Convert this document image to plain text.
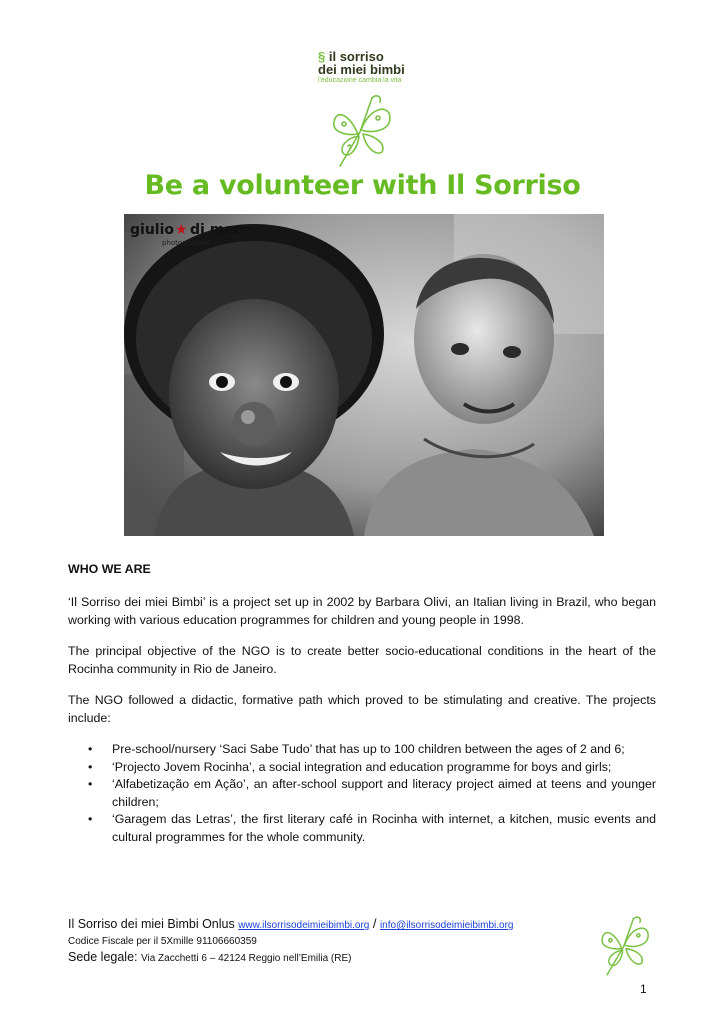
§ il sorriso
dei miei bimbi
l'educazione cambia la vita
Be a volunteer with Il Sorriso
giulio ★ di meo
photographer
WHO WE ARE
‘Il Sorriso dei miei Bimbi’ is a project set up in 2002 by Barbara Olivi, an Italian living in Brazil, who began working with various education programmes for children and young people in 1998.
The principal objective of the NGO is to create better socio-educational conditions in the heart of the Rocinha community in Rio de Janeiro.
The NGO followed a didactic, formative path which proved to be stimulating and creative. The projects include:
• Pre-school/nursery ‘Saci Sabe Tudo’ that has up to 100 children between the ages of 2 and 6;
• ‘Projecto Jovem Rocinha’, a social integration and education programme for boys and girls;
• ‘Alfabetização em Ação’, an after-school support and literacy project aimed at teens and younger children;
• ‘Garagem das Letras’, the first literary café in Rocinha with internet, a kitchen, music events and cultural programmes for the whole community.
Il Sorriso dei miei Bimbi Onlus www.ilsorrisodeimieibimbi.org / info@ilsorrisodeimieibimbi.org
Codice Fiscale per il 5Xmille 91106660359
Sede legale: Via Zacchetti 6 – 42124 Reggio nell’Emilia (RE)
1
